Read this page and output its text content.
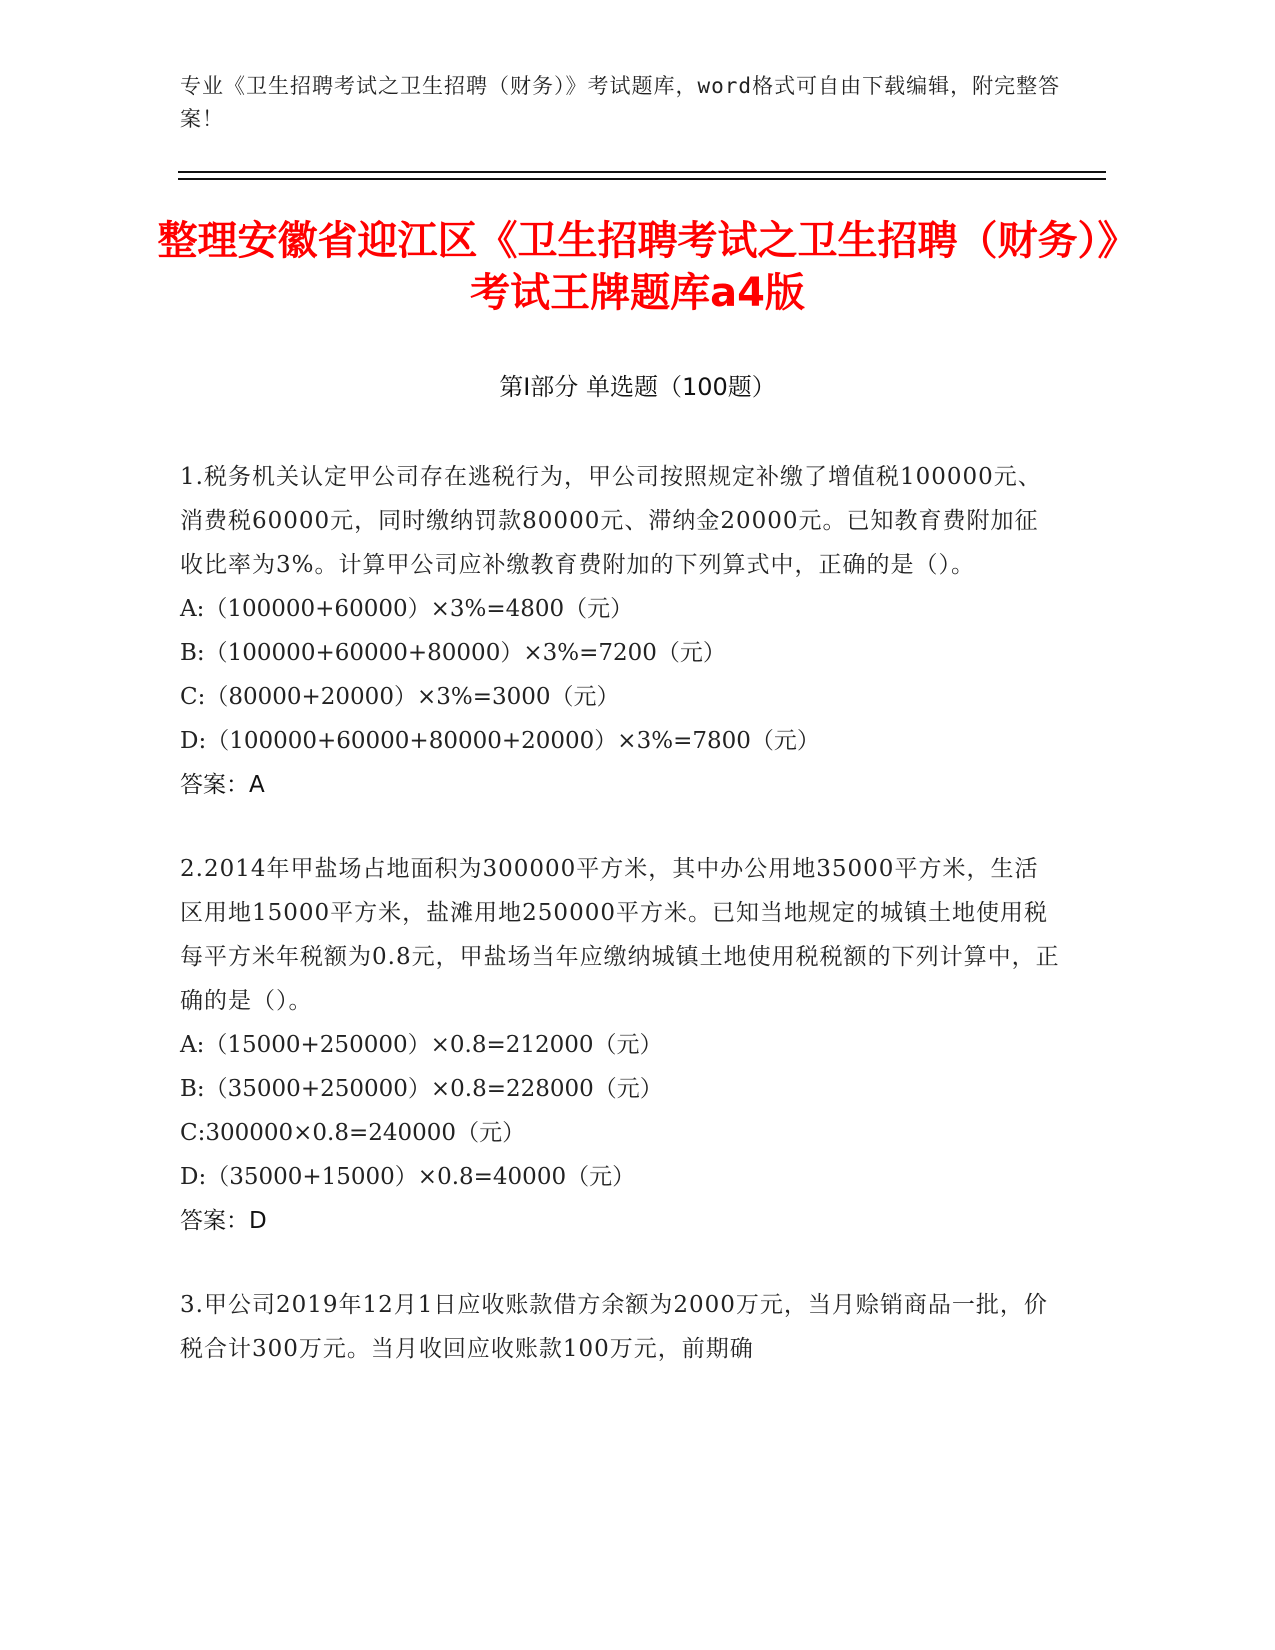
专业《卫生招聘考试之卫生招聘（财务）》考试题库，word格式可自由下载编辑，附完整答案！
整理安徽省迎江区《卫生招聘考试之卫生招聘（财务）》考试王牌题库a4版
第Ⅰ部分 单选题（100题）
1.税务机关认定甲公司存在逃税行为，甲公司按照规定补缴了增值税100000元、消费税60000元，同时缴纳罚款80000元、滞纳金20000元。已知教育费附加征收比率为3%。计算甲公司应补缴教育费附加的下列算式中，正确的是（）。
A:（100000+60000）×3%=4800（元）
B:（100000+60000+80000）×3%=7200（元）
C:（80000+20000）×3%=3000（元）
D:（100000+60000+80000+20000）×3%=7800（元）
答案：A
2.2014年甲盐场占地面积为300000平方米，其中办公用地35000平方米，生活区用地15000平方米，盐滩用地250000平方米。已知当地规定的城镇土地使用税每平方米年税额为0.8元，甲盐场当年应缴纳城镇土地使用税税额的下列计算中，正确的是（）。
A:（15000+250000）×0.8=212000（元）
B:（35000+250000）×0.8=228000（元）
C:300000×0.8=240000（元）
D:（35000+15000）×0.8=40000（元）
答案：D
3.甲公司2019年12月1日应收账款借方余额为2000万元，当月赊销商品一批，价税合计300万元。当月收回应收账款100万元，前期确
